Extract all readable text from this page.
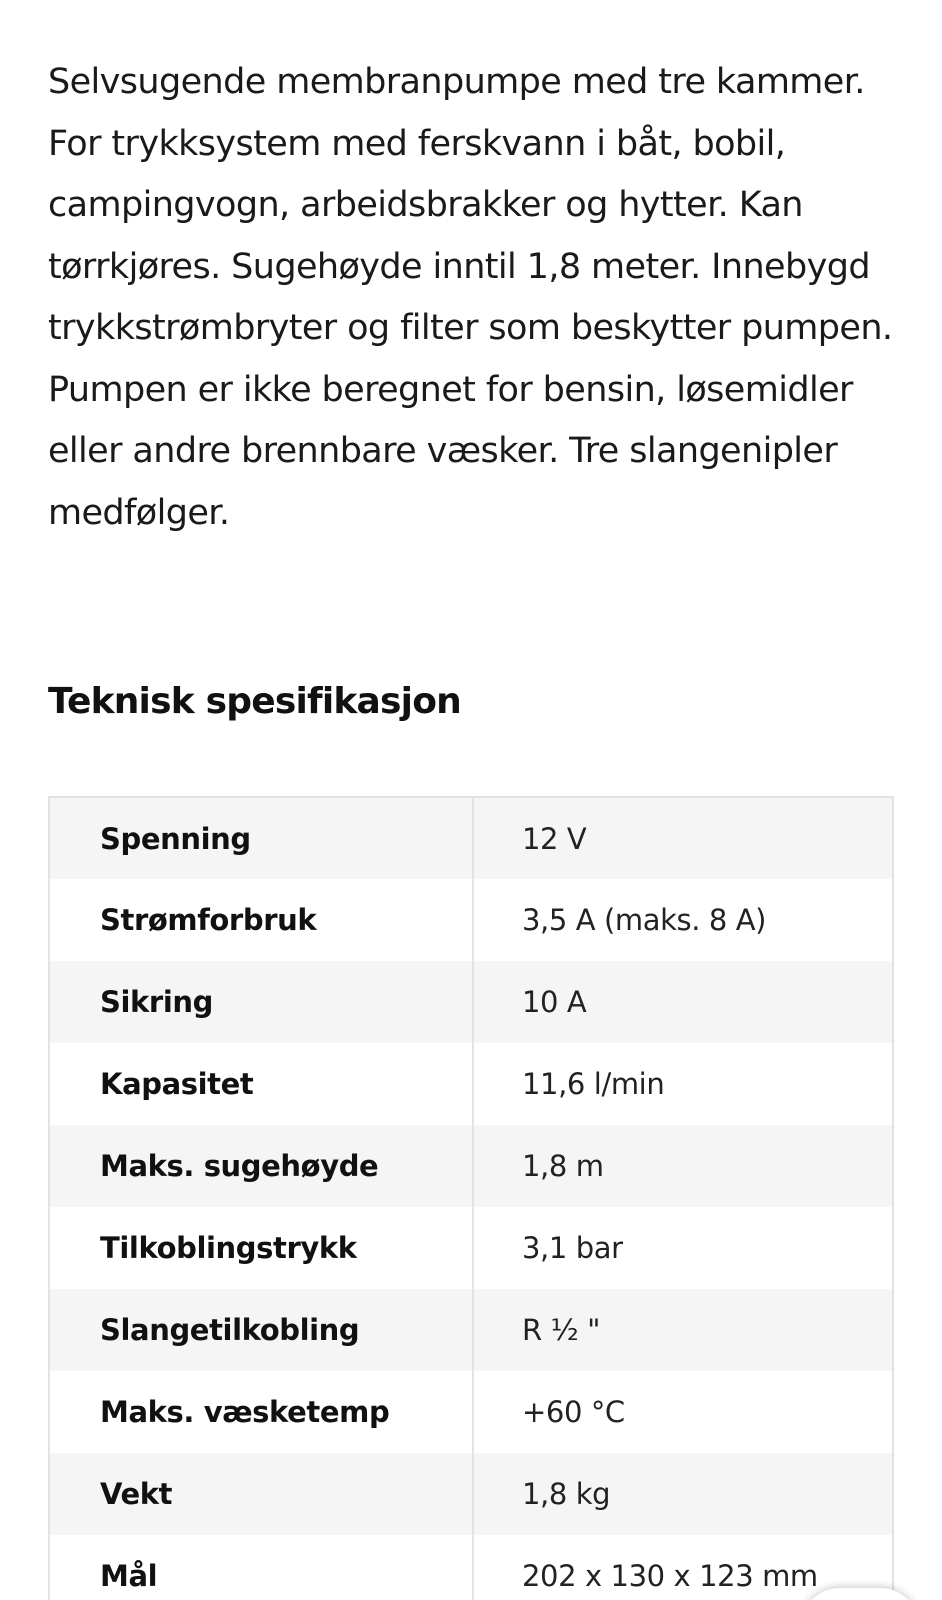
Selvsugende membranpumpe med tre kammer. For trykksystem med ferskvann i båt, bobil, campingvogn, arbeidsbrakker og hytter. Kan tørrkjøres. Sugehøyde inntil 1,8 meter. Innebygd trykkstrømbryter og filter som beskytter pumpen. Pumpen er ikke beregnet for bensin, løsemidler eller andre brennbare væsker. Tre slangenipler medfølger.

Teknisk spesifikasjon
Spenning	12 V
Strømforbruk	3,5 A (maks. 8 A)
Sikring	10 A
Kapasitet	11,6 l/min
Maks. sugehøyde	1,8 m
Tilkoblingstrykk	3,1 bar
Slangetilkobling	R ½ "
Maks. væsketemp	+60 °C
Vekt	1,8 kg
Mål	202 x 130 x 123 mm
